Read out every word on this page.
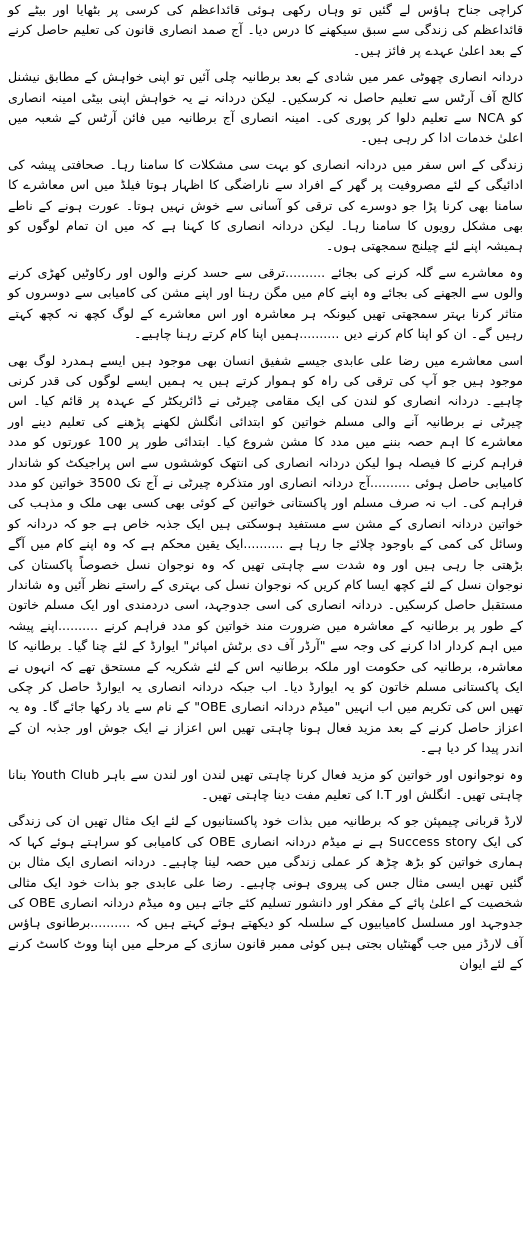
کراچی جناح ہاؤس لے گئیں تو وہاں رکھی ہوئی قائداعظم کی کرسی پر بٹھایا اور بیٹے کو قائداعظم کی زندگی سے سبق سیکھنے کا درس دیا۔ آج صمد انصاری قانون کی تعلیم حاصل کرنے کے بعد اعلیٰ عہدے پر فائز ہیں۔

دردانہ انصاری چھوٹی عمر میں شادی کے بعد برطانیہ چلی آئیں تو اپنی خواہش کے مطابق نیشنل کالج آف آرٹس سے تعلیم حاصل نہ کرسکیں۔ لیکن دردانہ نے یہ خواہش اپنی بیٹی امینہ انصاری کو NCA سے تعلیم دلوا کر پوری کی۔ امینہ انصاری آج برطانیہ میں فائن آرٹس کے شعبہ میں اعلیٰ خدمات ادا کر رہی ہیں۔

زندگی کے اس سفر میں دردانہ انصاری کو بہت سی مشکلات کا سامنا رہا۔ صحافتی پیشہ کی ادائیگی کے لئے مصروفیت پر گھر کے افراد سے ناراضگی کا اظہار ہوتا فیلڈ میں اس معاشرے کا سامنا بھی کرنا پڑا جو دوسرے کی ترقی کو آسانی سے خوش نہیں ہوتا۔ عورت ہونے کے ناطے بھی مشکل رویوں کا سامنا رہا۔ لیکن دردانہ انصاری کا کہنا ہے کہ میں ان تمام لوگوں کو ہمیشہ اپنے لئے چیلنج سمجھتی ہوں۔

وہ معاشرے سے گلہ کرنے کی بجائے ..........ترقی سے حسد کرنے والوں اور رکاوٹیں کھڑی کرنے والوں سے الجھنے کی بجائے وہ اپنے کام میں مگن رہنا اور اپنے مشن کی کامیابی سے دوسروں کو متاثر کرنا بہتر سمجھتی تھیں کیونکہ ہر معاشرہ اور اس معاشرے کے لوگ کچھ نہ کچھ کہتے رہیں گے۔ ان کو اپنا کام کرنے دیں ..........ہمیں اپنا کام کرتے رہنا چاہیے۔

اسی معاشرے میں رضا علی عابدی جیسے شفیق انسان بھی موجود ہیں ایسے ہمدرد لوگ بھی موجود ہیں جو آپ کی ترقی کی راہ کو ہموار کرتے ہیں یہ ہمیں ایسے لوگوں کی قدر کرنی چاہیے۔ دردانہ انصاری کو لندن کی ایک مقامی چیرٹی نے ڈائریکٹر کے عہدہ پر قائم کیا۔ اس چیرٹی نے برطانیہ آنے والی مسلم خواتین کو ابتدائی انگلش لکھنے پڑھنے کی تعلیم دینے اور معاشرے کا اہم حصہ بننے میں مدد کا مشن شروع کیا۔ ابتدائی طور پر 100 عورتوں کو مدد فراہم کرنے کا فیصلہ ہوا لیکن دردانہ انصاری کی انتھک کوششوں سے اس پراجیکٹ کو شاندار کامیابی حاصل ہوئی ..........آج دردانہ انصاری اور متذکرہ چیرٹی نے آج تک 3500 خواتین کو مدد فراہم کی۔ اب نہ صرف مسلم اور پاکستانی خواتین کے کوئی بھی کسی بھی ملک و مذہب کی خواتین دردانہ انصاری کے مشن سے مستفید ہوسکتی ہیں ایک جذبہ خاص ہے جو کہ دردانہ کو وسائل کی کمی کے باوجود چلائے جا رہا ہے ..........ایک یقین محکم ہے کہ وہ اپنے کام میں آگے بڑھتی جا رہی ہیں اور وہ شدت سے چاہتی تھیں کہ وہ نوجوان نسل خصوصاً پاکستان کی نوجوان نسل کے لئے کچھ ایسا کام کریں کہ نوجوان نسل کی بہتری کے راستے نظر آئیں وہ شاندار مستقبل حاصل کرسکیں۔ دردانہ انصاری کی اسی جدوجہد، اسی دردمندی اور ایک مسلم خاتون کے طور پر برطانیہ کے معاشرہ میں ضرورت مند خواتین کو مدد فراہم کرنے ..........اپنے پیشہ میں اہم کردار ادا کرنے کی وجہ سے "آرڈر آف دی برٹش امپائر" ایوارڈ کے لئے چنا گیا۔ برطانیہ کا معاشرہ، برطانیہ کی حکومت اور ملکہ برطانیہ اس کے لئے شکریہ کے مستحق تھے کہ انہوں نے ایک پاکستانی مسلم خاتون کو یہ ایوارڈ دیا۔ اب جبکہ دردانہ انصاری یہ ایوارڈ حاصل کر چکی تھیں اس کی تکریم میں اب انہیں "میڈم دردانہ انصاری OBE" کے نام سے یاد رکھا جائے گا۔ وہ یہ اعزاز حاصل کرنے کے بعد مزید فعال ہونا چاہتی تھیں اس اعزاز نے ایک جوش اور جذبہ ان کے اندر پیدا کر دیا ہے۔

وہ نوجوانوں اور خواتین کو مزید فعال کرنا چاہتی تھیں لندن اور لندن سے باہر Youth Club بنانا چاہتی تھیں۔ انگلش اور I.T کی تعلیم مفت دینا چاہتی تھیں۔

لارڈ قربانی چیمپئن جو کہ برطانیہ میں بذات خود پاکستانیوں کے لئے ایک مثال تھیں ان کی زندگی کی ایک Success story ہے نے میڈم دردانہ انصاری OBE کی کامیابی کو سراہتے ہوئے کہا کہ ہماری خواتین کو بڑھ چڑھ کر عملی زندگی میں حصہ لینا چاہیے۔ دردانہ انصاری ایک مثال بن گئیں تھیں ایسی مثال جس کی پیروی ہونی چاہیے۔ رضا علی عابدی جو بذات خود ایک مثالی شخصیت کے اعلیٰ پائے کے مفکر اور دانشور تسلیم کئے جاتے ہیں وہ میڈم دردانہ انصاری OBE کی جدوجہد اور مسلسل کامیابیوں کے سلسلہ کو دیکھتے ہوئے کہتے ہیں کہ ..........برطانوی ہاؤس آف لارڈز میں جب گھنٹیاں بجتی ہیں کوئی ممبر قانون سازی کے مرحلے میں اپنا ووٹ کاسٹ کرنے کے لئے ایوان
